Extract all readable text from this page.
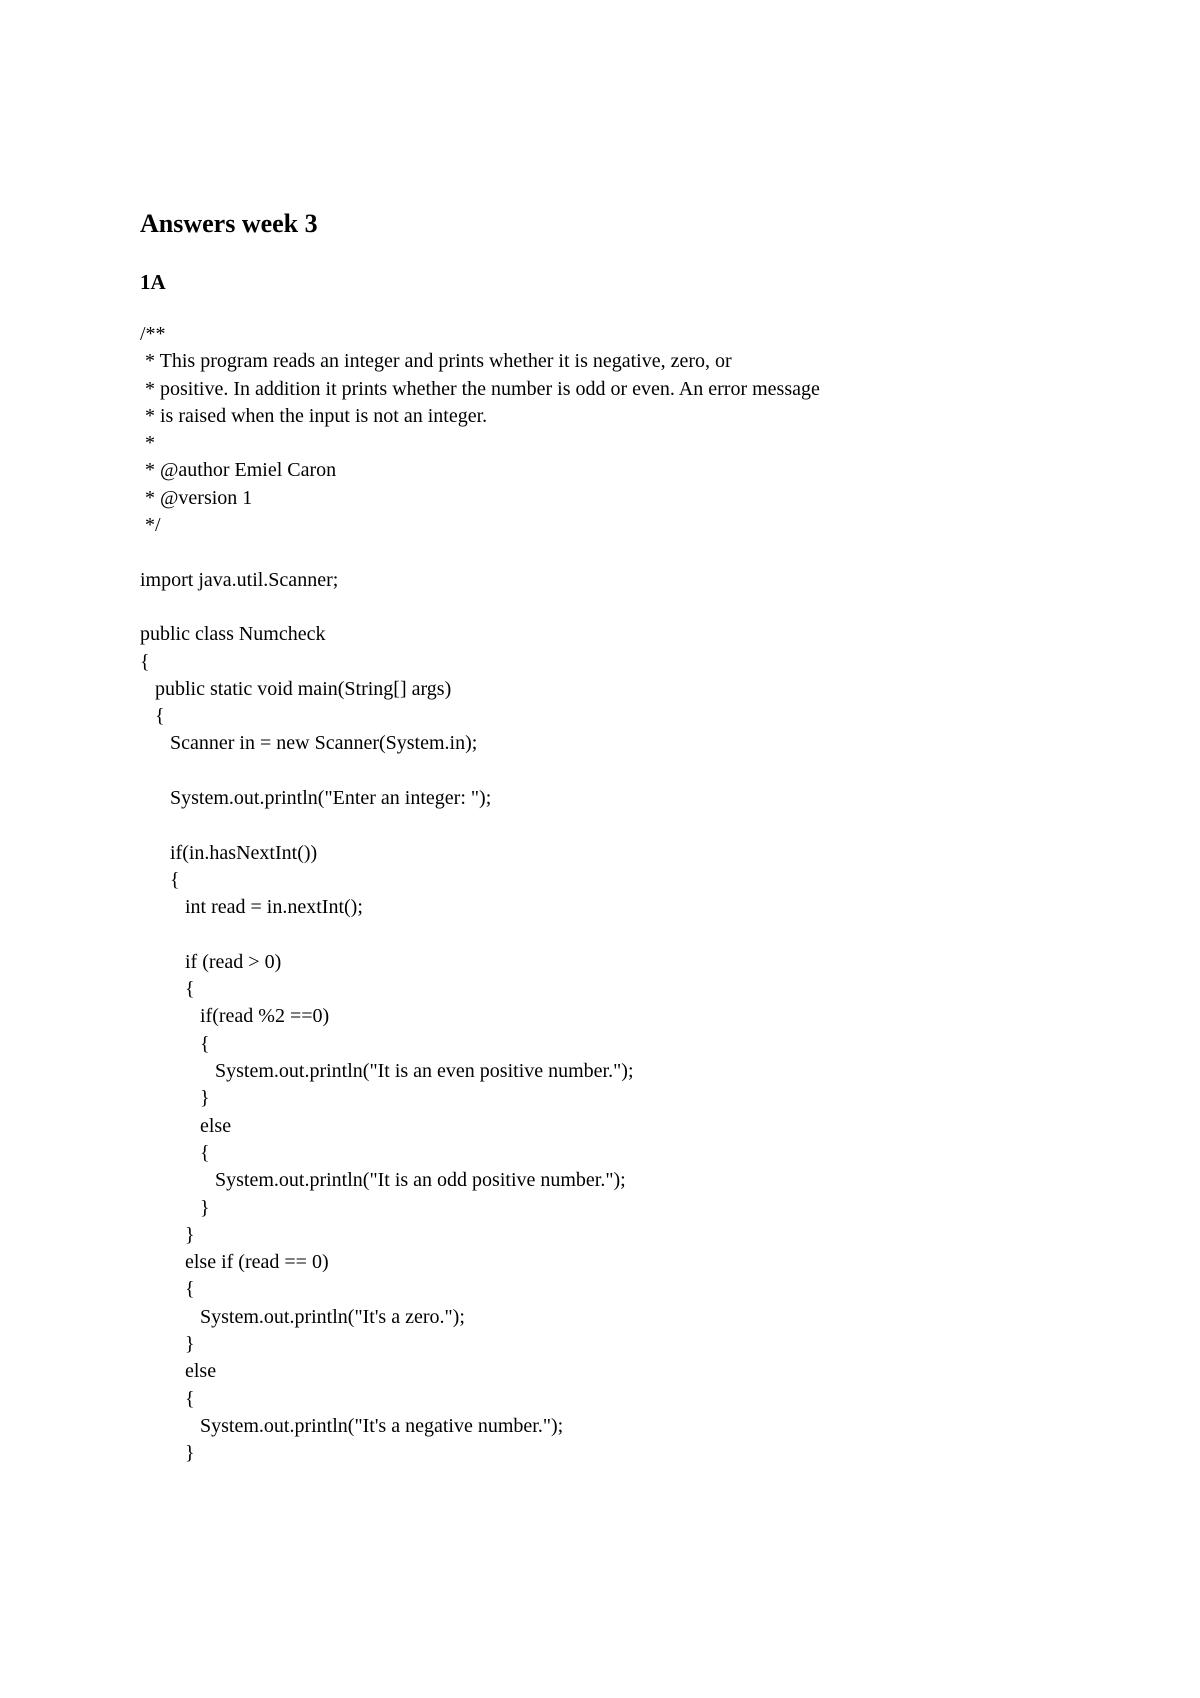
Answers week 3
1A
/**
* This program reads an integer and prints whether it is negative, zero, or
* positive. In addition it prints whether the number is odd or even. An error message
* is raised when the input is not an integer.
*
* @author Emiel Caron
* @version 1
*/
import java.util.Scanner;
public class Numcheck
{
public static void main(String[] args)
{
Scanner in = new Scanner(System.in);
System.out.println("Enter an integer: ");
if(in.hasNextInt())
{
int read = in.nextInt();
if (read > 0)
{
if(read %2 ==0)
{
System.out.println("It is an even positive number.");
}
else
{
System.out.println("It is an odd positive number.");
}
}
else if (read == 0)
{
System.out.println("It's a zero.");
}
else
{
System.out.println("It's a negative number.");
}
